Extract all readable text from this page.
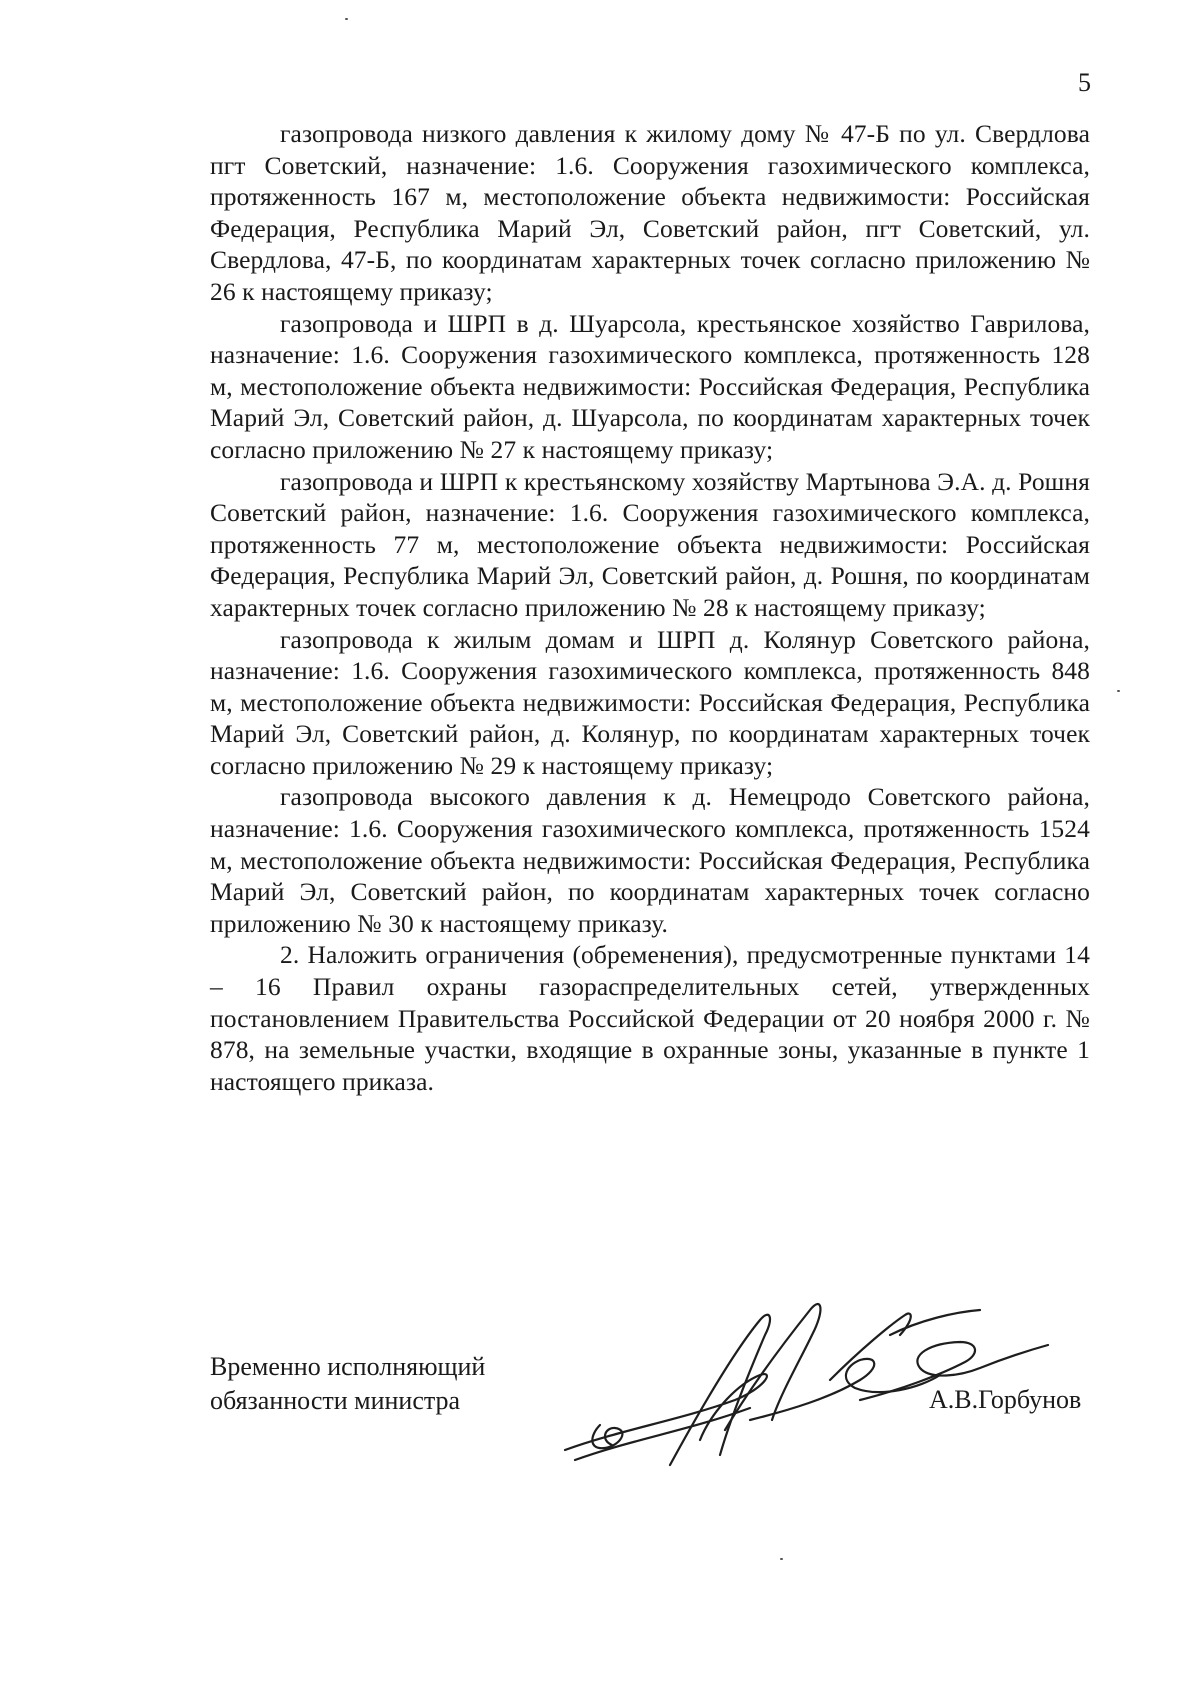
5

газопровода низкого давления к жилому дому № 47-Б по ул. Свердлова пгт Советский, назначение: 1.6. Сооружения газохимического комплекса, протяженность 167 м, местоположение объекта недвижимости: Российская Федерация, Республика Марий Эл, Советский район, пгт Советский, ул. Свердлова, 47-Б, по координатам характерных точек согласно приложению № 26 к настоящему приказу;

газопровода и ШРП в д. Шуарсола, крестьянское хозяйство Гаврилова, назначение: 1.6. Сооружения газохимического комплекса, протяженность 128 м, местоположение объекта недвижимости: Российская Федерация, Республика Марий Эл, Советский район, д. Шуарсола, по координатам характерных точек согласно приложению № 27 к настоящему приказу;

газопровода и ШРП к крестьянскому хозяйству Мартынова Э.А. д. Рошня Советский район, назначение: 1.6. Сооружения газохимического комплекса, протяженность 77 м, местоположение объекта недвижимости: Российская Федерация, Республика Марий Эл, Советский район, д. Рошня, по координатам характерных точек согласно приложению № 28 к настоящему приказу;

газопровода к жилым домам и ШРП д. Колянур Советского района, назначение: 1.6. Сооружения газохимического комплекса, протяженность 848 м, местоположение объекта недвижимости: Российская Федерация, Республика Марий Эл, Советский район, д. Колянур, по координатам характерных точек согласно приложению № 29 к настоящему приказу;

газопровода высокого давления к д. Немецродо Советского района, назначение: 1.6. Сооружения газохимического комплекса, протяженность 1524 м, местоположение объекта недвижимости: Российская Федерация, Республика Марий Эл, Советский район, по координатам характерных точек согласно приложению № 30 к настоящему приказу.

2. Наложить ограничения (обременения), предусмотренные пунктами 14 – 16 Правил охраны газораспределительных сетей, утвержденных постановлением Правительства Российской Федерации от 20 ноября 2000 г. № 878, на земельные участки, входящие в охранные зоны, указанные в пункте 1 настоящего приказа.

Временно исполняющий
обязанности министра	А.В.Горбунов
